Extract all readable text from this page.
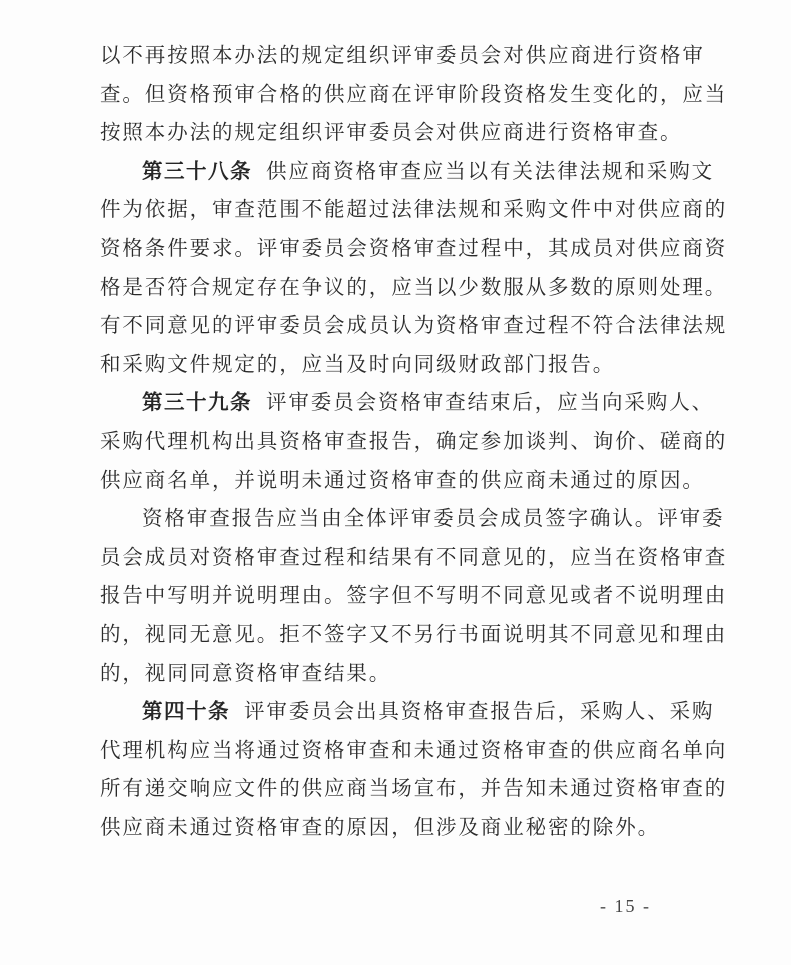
以不再按照本办法的规定组织评审委员会对供应商进行资格审
查。但资格预审合格的供应商在评审阶段资格发生变化的，应当
按照本办法的规定组织评审委员会对供应商进行资格审查。
第三十八条 供应商资格审查应当以有关法律法规和采购文
件为依据，审查范围不能超过法律法规和采购文件中对供应商的
资格条件要求。评审委员会资格审查过程中，其成员对供应商资
格是否符合规定存在争议的，应当以少数服从多数的原则处理。
有不同意见的评审委员会成员认为资格审查过程不符合法律法规
和采购文件规定的，应当及时向同级财政部门报告。
第三十九条 评审委员会资格审查结束后，应当向采购人、
采购代理机构出具资格审查报告，确定参加谈判、询价、磋商的
供应商名单，并说明未通过资格审查的供应商未通过的原因。
资格审查报告应当由全体评审委员会成员签字确认。评审委
员会成员对资格审查过程和结果有不同意见的，应当在资格审查
报告中写明并说明理由。签字但不写明不同意见或者不说明理由
的，视同无意见。拒不签字又不另行书面说明其不同意见和理由
的，视同同意资格审查结果。
第四十条 评审委员会出具资格审查报告后，采购人、采购
代理机构应当将通过资格审查和未通过资格审查的供应商名单向
所有递交响应文件的供应商当场宣布，并告知未通过资格审查的
供应商未通过资格审查的原因，但涉及商业秘密的除外。
- 15 -
